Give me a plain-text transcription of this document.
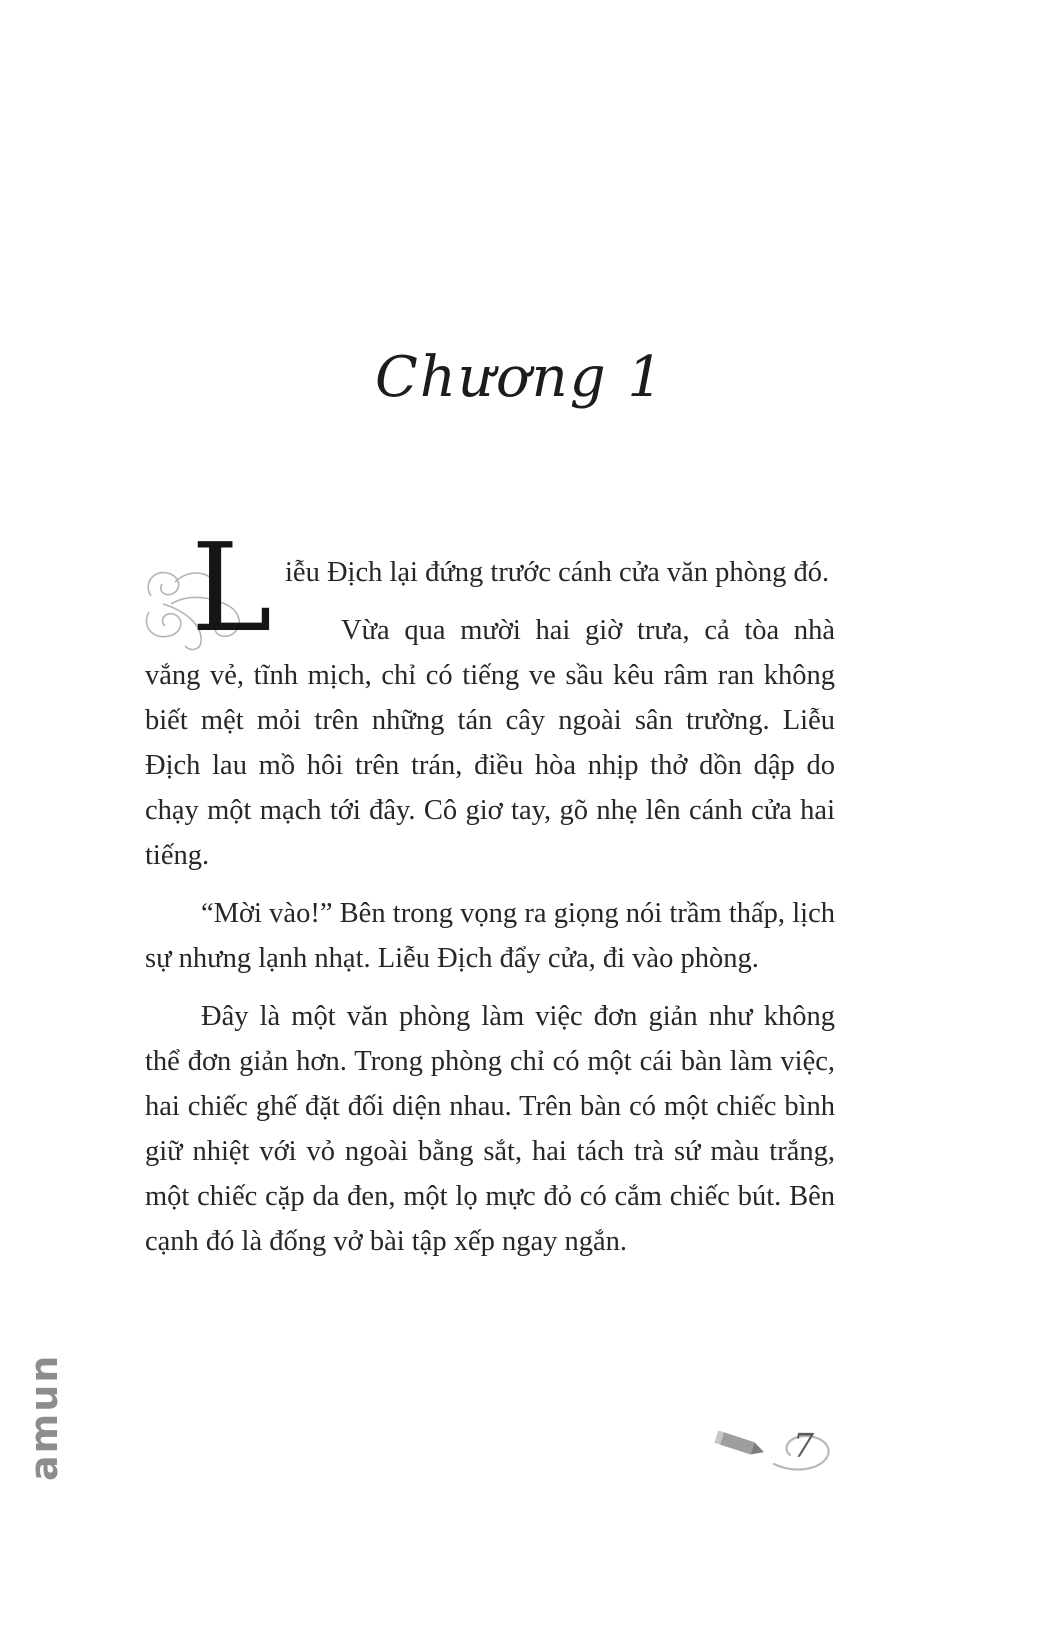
Chương 1

L iễu Địch lại đứng trước cánh cửa văn phòng đó.

Vừa qua mười hai giờ trưa, cả tòa nhà vắng vẻ, tĩnh mịch, chỉ có tiếng ve sầu kêu râm ran không biết mệt mỏi trên những tán cây ngoài sân trường. Liễu Địch lau mồ hôi trên trán, điều hòa nhịp thở dồn dập do chạy một mạch tới đây. Cô giơ tay, gõ nhẹ lên cánh cửa hai tiếng.

“Mời vào!” Bên trong vọng ra giọng nói trầm thấp, lịch sự nhưng lạnh nhạt. Liễu Địch đẩy cửa, đi vào phòng.

Đây là một văn phòng làm việc đơn giản như không thể đơn giản hơn. Trong phòng chỉ có một cái bàn làm việc, hai chiếc ghế đặt đối diện nhau. Trên bàn có một chiếc bình giữ nhiệt với vỏ ngoài bằng sắt, hai tách trà sứ màu trắng, một chiếc cặp da đen, một lọ mực đỏ có cắm chiếc bút. Bên cạnh đó là đống vở bài tập xếp ngay ngắn.

amun	7
